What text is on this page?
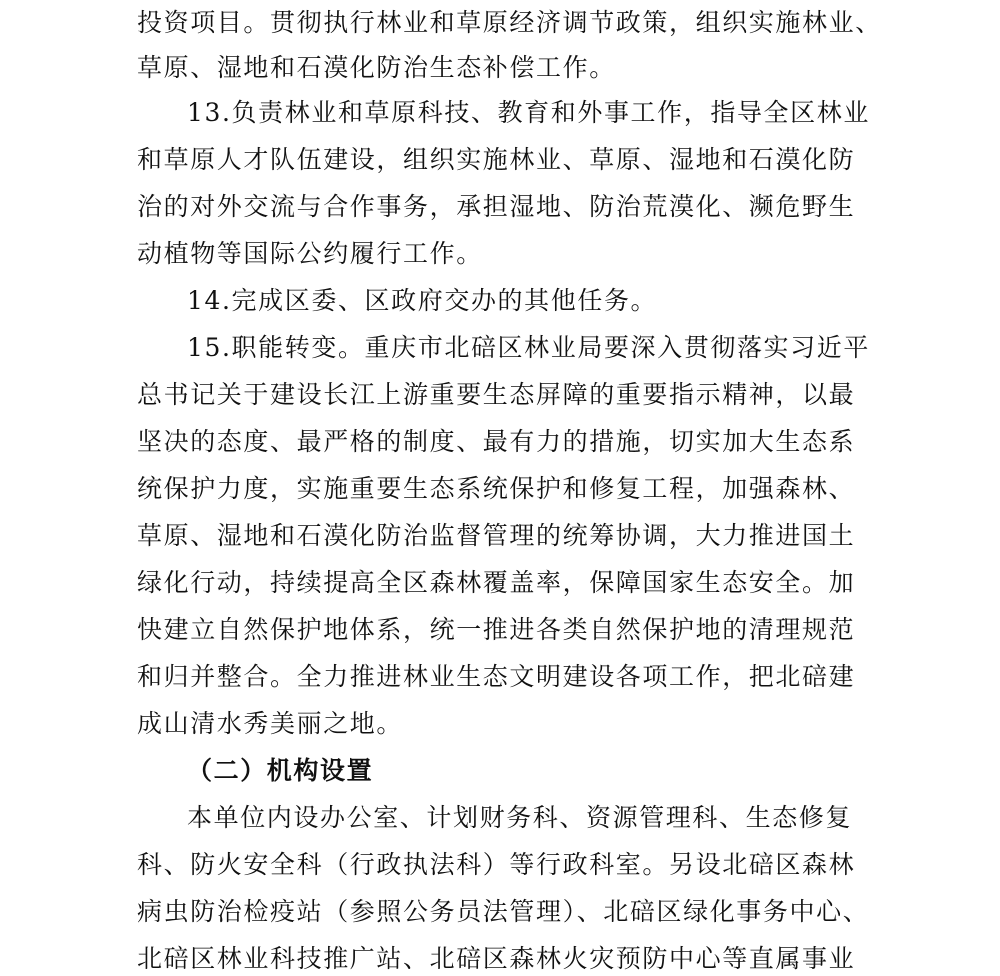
投资项目。贯彻执行林业和草原经济调节政策，组织实施林业、
草原、湿地和石漠化防治生态补偿工作。
13.负责林业和草原科技、教育和外事工作，指导全区林业
和草原人才队伍建设，组织实施林业、草原、湿地和石漠化防
治的对外交流与合作事务，承担湿地、防治荒漠化、濒危野生
动植物等国际公约履行工作。
14.完成区委、区政府交办的其他任务。
15.职能转变。重庆市北碚区林业局要深入贯彻落实习近平
总书记关于建设长江上游重要生态屏障的重要指示精神，以最
坚决的态度、最严格的制度、最有力的措施，切实加大生态系
统保护力度，实施重要生态系统保护和修复工程，加强森林、
草原、湿地和石漠化防治监督管理的统筹协调，大力推进国土
绿化行动，持续提高全区森林覆盖率，保障国家生态安全。加
快建立自然保护地体系，统一推进各类自然保护地的清理规范
和归并整合。全力推进林业生态文明建设各项工作，把北碚建
成山清水秀美丽之地。
（二）机构设置
本单位内设办公室、计划财务科、资源管理科、生态修复
科、防火安全科（行政执法科）等行政科室。另设北碚区森林
病虫防治检疫站（参照公务员法管理）、北碚区绿化事务中心、
北碚区林业科技推广站、北碚区森林火灾预防中心等直属事业
